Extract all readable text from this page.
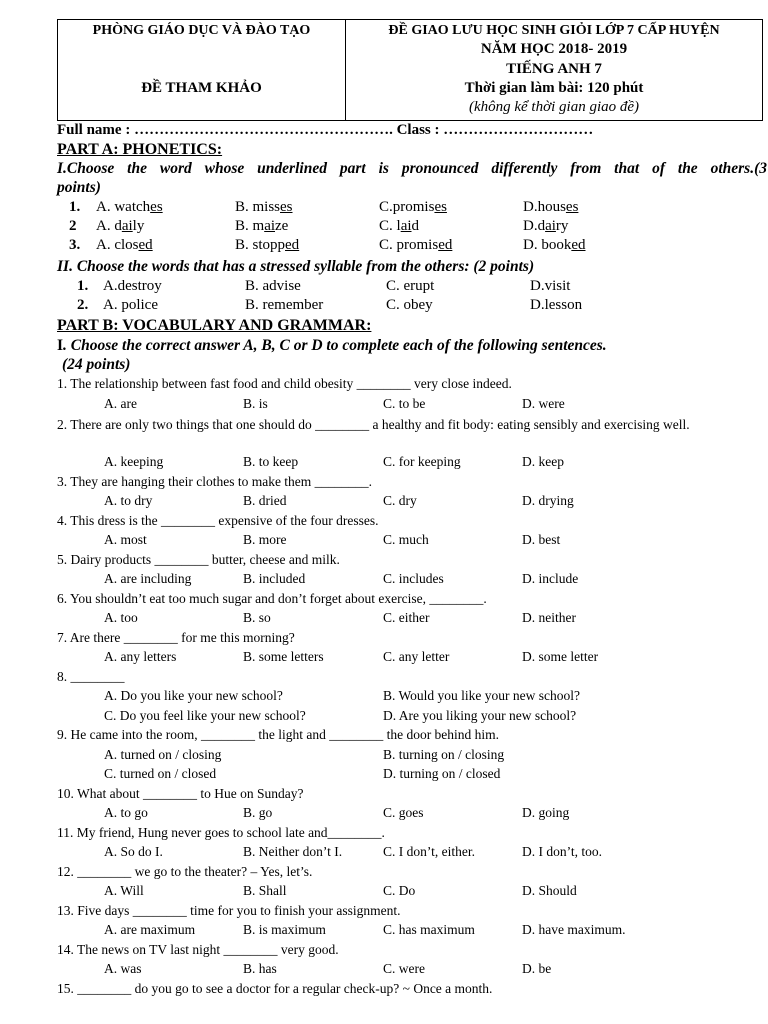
PHÒNG GIÁO DỤC VÀ ĐÀO TẠO
ĐỀ THAM KHẢO
ĐỀ GIAO LƯU HỌC SINH GIỎI LỚP 7 CẤP HUYỆN
NĂM HỌC 2018- 2019
TIẾNG ANH 7
Thời gian làm bài: 120 phút
(không kể thời gian giao đề)
Full name : ……………………………………………. Class : …………………………
PART A: PHONETICS:
I.Choose the word whose underlined part is pronounced differently from that of the others.(3
points)
1. A. watches	B. misses	C.promises	D.houses
2 A. daily	B. maize	C. laid	D.dairy
3. A. closed	B. stopped	C. promised	D. booked
II. Choose the words that has a stressed syllable from the others: (2 points)
1. A.destroy	B. advise	C. erupt	D.visit
2. A. police	B. remember	C. obey	D.lesson
PART B: VOCABULARY AND GRAMMAR:
I. Choose the correct answer A, B, C or D to complete each of the following sentences.
(24 points)
1. The relationship between fast food and child obesity ________ very close indeed.
A. are	B. is	C. to be	D. were
2. There are only two things that one should do ________ a healthy and fit body: eating sensibly and exercising well.
A. keeping	B. to keep	C. for keeping	D. keep
3. They are hanging their clothes to make them ________.
A. to dry	B. dried	C. dry	D. drying
4. This dress is the ________ expensive of the four dresses.
A. most	B. more	C. much	D. best
5. Dairy products ________ butter, cheese and milk.
A. are including	B. included	C. includes	D. include
6. You shouldn’t eat too much sugar and don’t forget about exercise, ________.
A. too	B. so	C. either	D. neither
7. Are there ________ for me this morning?
A. any letters	B. some letters	C. any letter	D. some letter
8. ________
A. Do you like your new school?	B. Would you like your new school?
C. Do you feel like your new school?	D. Are you liking your new school?
9. He came into the room, ________ the light and ________ the door behind him.
A. turned on / closing	B. turning on / closing
C. turned on / closed	D. turning on / closed
10. What about ________ to Hue on Sunday?
A. to go	B. go	C. goes	D. going
11. My friend, Hung never goes to school late and________.
A. So do I.	B. Neither don’t I.	C. I don’t, either.	D. I don’t, too.
12. ________ we go to the theater? – Yes, let’s.
A. Will	B. Shall	C. Do	D. Should
13. Five days ________ time for you to finish your assignment.
A. are maximum	B. is maximum	C. has maximum	D. have maximum.
14. The news on TV last night ________ very good.
A. was	B. has	C. were	D. be
15. ________ do you go to see a doctor for a regular check-up? ~ Once a month.
